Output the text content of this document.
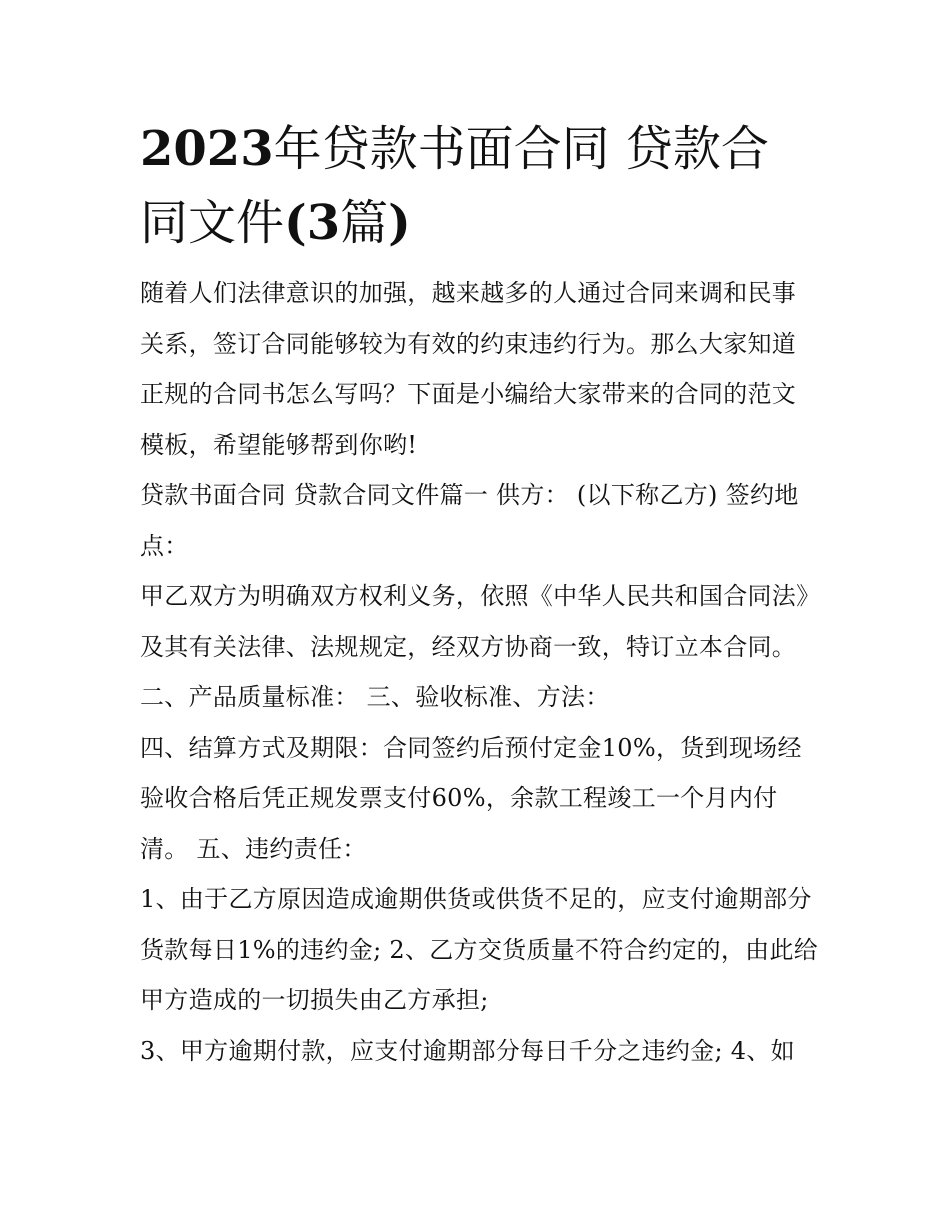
2023年贷款书面合同 贷款合同文件(3篇)

随着人们法律意识的加强，越来越多的人通过合同来调和民事关系，签订合同能够较为有效的约束违约行为。那么大家知道正规的合同书怎么写吗？下面是小编给大家带来的合同的范文模板，希望能够帮到你哟!

贷款书面合同 贷款合同文件篇一 供方： (以下称乙方) 签约地点：

甲乙双方为明确双方权利义务，依照《中华人民共和国合同法》及其有关法律、法规规定，经双方协商一致，特订立本合同。 二、产品质量标准： 三、验收标准、方法：

四、结算方式及期限：合同签约后预付定金10%，货到现场经验收合格后凭正规发票支付60%，余款工程竣工一个月内付清。 五、违约责任：

1、由于乙方原因造成逾期供货或供货不足的，应支付逾期部分货款每日1%的违约金; 2、乙方交货质量不符合约定的，由此给甲方造成的一切损失由乙方承担;

3、甲方逾期付款，应支付逾期部分每日千分之违约金; 4、如
